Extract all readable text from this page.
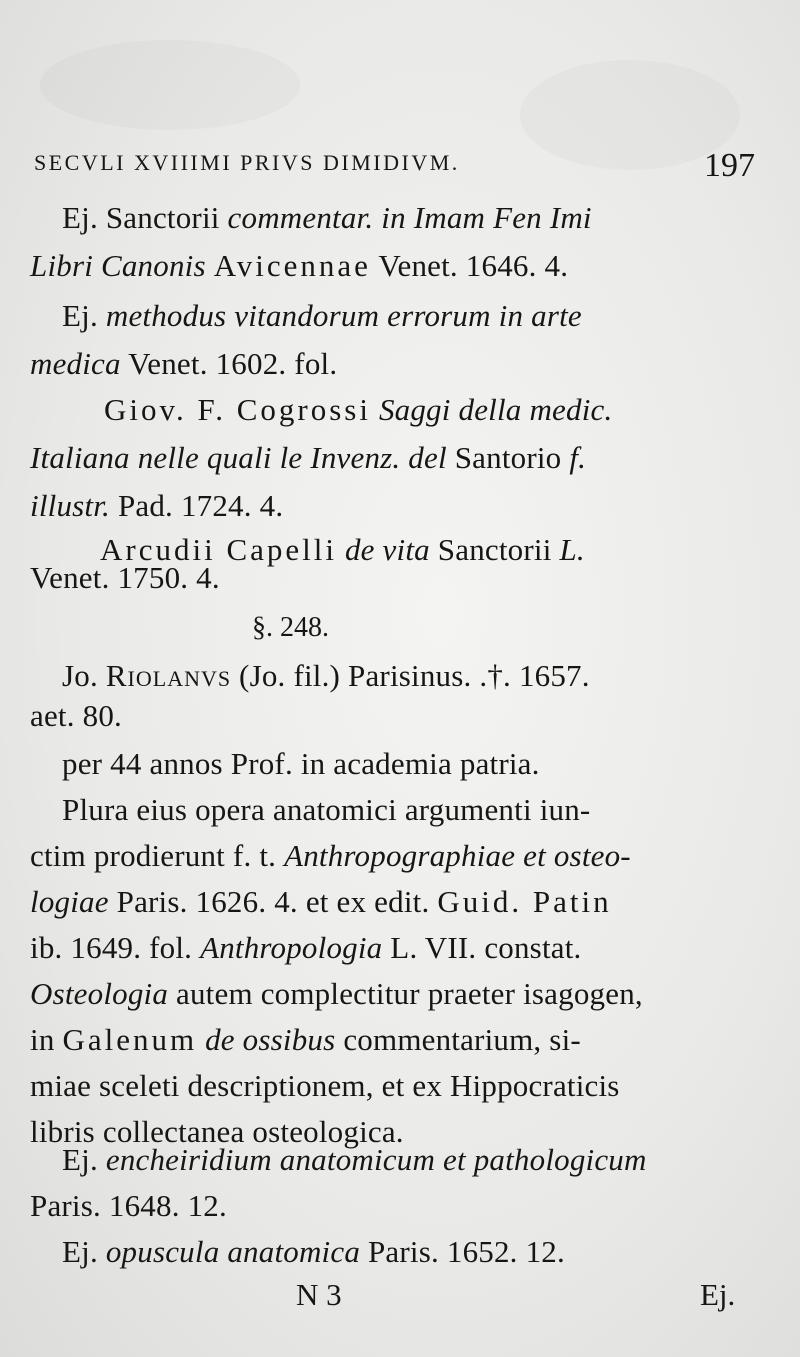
SECVLI XVIIIMI PRIVS DIMIDIVM.	197
Ej. Sanctorii commentar. in Imam Fen Imi
Libri Canonis Avicennae Venet. 1646. 4.
Ej. methodus vitandorum errorum in arte
medica Venet. 1602. fol.
Giov. F. Cogrossi Saggi della medic.
Italiana nelle quali le Invenz. del Santorio f.
illustr. Pad. 1724. 4.
Arcudii Capelli de vita Sanctorii L.
Venet. 1750. 4.
§. 248.
Jo. Riolanvs (Jo. fil.) Parisinus. .†. 1657.
aet. 80.
per 44 annos Prof. in academia patria.
Plura eius opera anatomici argumenti iun-
ctim prodierunt f. t. Anthropographiae et osteo-
logiae Paris. 1626. 4. et ex edit. Guid. Patin
ib. 1649. fol. Anthropologia L. VII. constat.
Osteologia autem complectitur praeter isagogen,
in Galenum de ossibus commentarium, si-
miae sceleti descriptionem, et ex Hippocraticis
libris collectanea osteologica.
Ej. encheiridium anatomicum et pathologicum
Paris. 1648. 12.
Ej. opuscula anatomica Paris. 1652. 12.
N 3	Ej.
